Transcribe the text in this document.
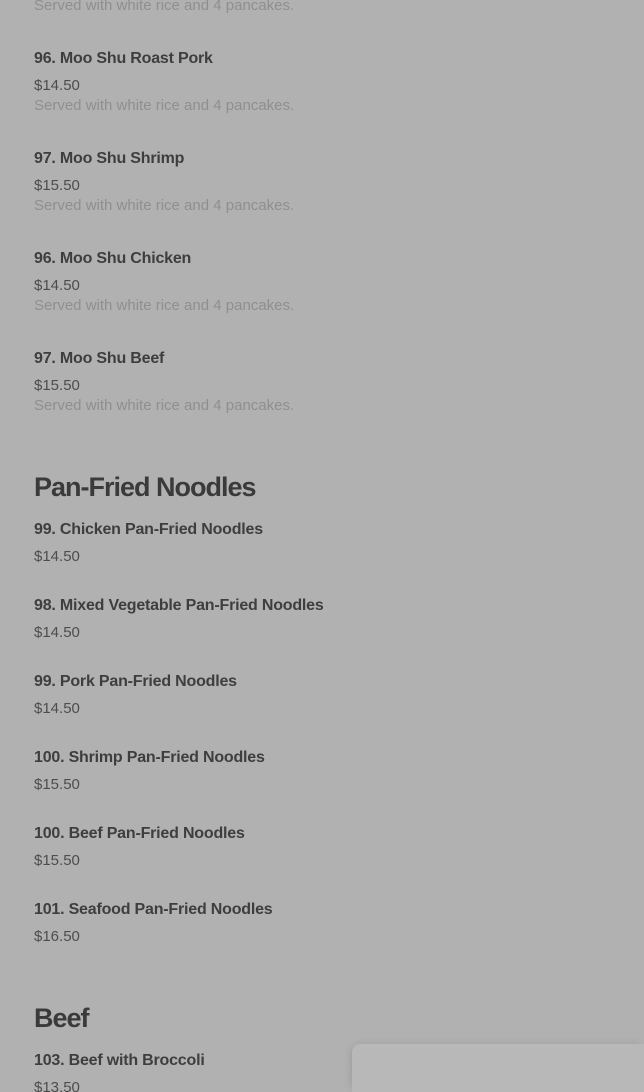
Served with white rice and 4 pancakes.
96. Moo Shu Roast Pork
$14.50
Served with white rice and 4 pancakes.
97. Moo Shu Shrimp
$15.50
Served with white rice and 4 pancakes.
96. Moo Shu Chicken
$14.50
Served with white rice and 4 pancakes.
97. Moo Shu Beef
$15.50
Served with white rice and 4 pancakes.
Pan-Fried Noodles
99. Chicken Pan-Fried Noodles
$14.50
98. Mixed Vegetable Pan-Fried Noodles
$14.50
99. Pork Pan-Fried Noodles
$14.50
100. Shrimp Pan-Fried Noodles
$15.50
100. Beef Pan-Fried Noodles
$15.50
101. Seafood Pan-Fried Noodles
$16.50
Beef
103. Beef with Broccoli
$13.50
